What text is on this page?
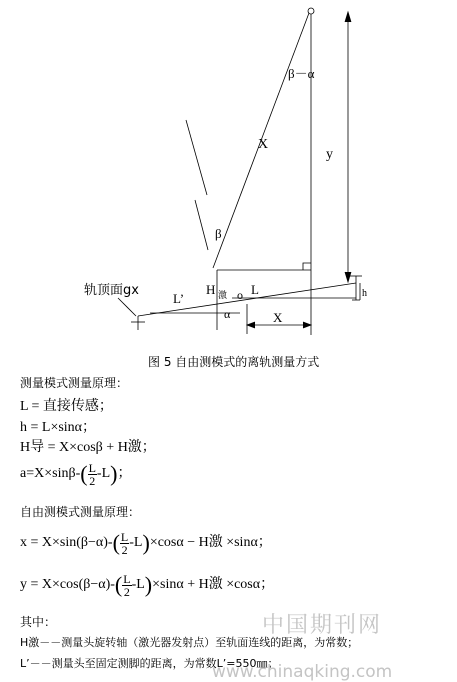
β－α
X
y
β
轨顶面gx
L’
H 激 o L
α	X
h
图 5 自由测模式的离轨测量方式
测量模式测量原理：
L = 直接传感；
h = L×sinα；
H导 = X×cosβ + H激；
$a=X\times\sin\beta-( \frac{L}{2} -L)$；
自由测模式测量原理：
$x = X\times\sin(\beta-\alpha)-( \frac{L}{2} -L)\times\cos\alpha - H$激 ×sinα；
$y = X\times\cos(\beta-\alpha)-( \frac{L}{2} -L)\times\sin\alpha + H$激 ×cosα；
其中：
H激－－测量头旋转轴（激光器发射点）至轨面连线的距离，为常数；
L’－－测量头至固定测脚的距离，为常数L’=550㎜；
中国期刊网
www.chinaqking.com
